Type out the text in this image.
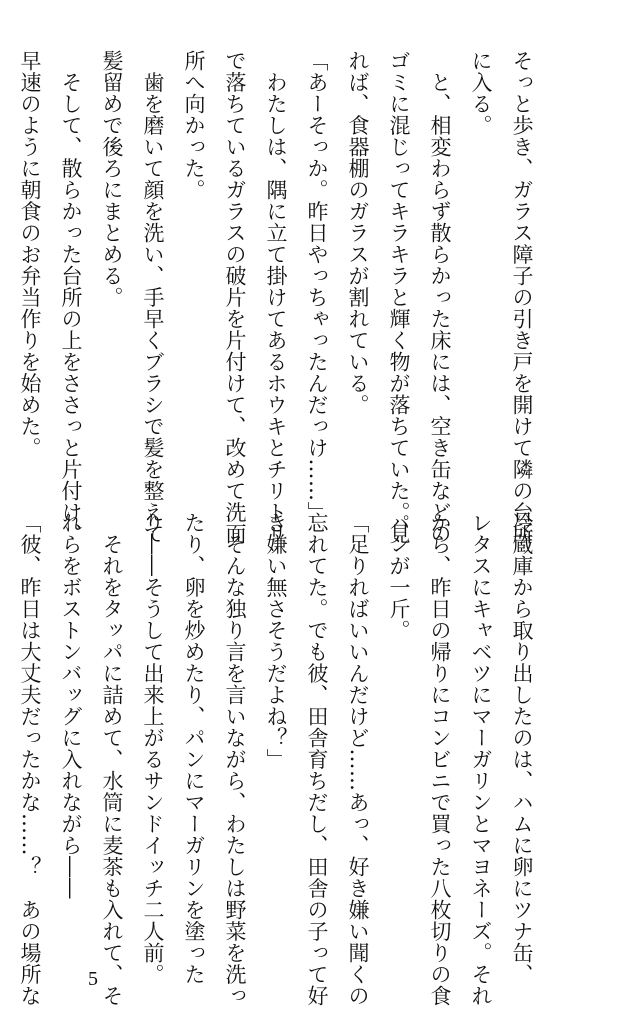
そっと歩き、ガラス障子の引き戸を開けて隣の台所
に入る。
　と、相変わらず散らかった床には、空き缶などの
ゴミに混じってキラキラと輝く物が落ちていた。見
れば、食器棚のガラスが割れている。
「あーそっか。昨日やっちゃったんだっけ……」
　わたしは、隅に立て掛けてあるホウキとチリトリ
で落ちているガラスの破片を片付けて、改めて洗面
所へ向かった。
　歯を磨いて顔を洗い、手早くブラシで髪を整えて
髪留めで後ろにまとめる。
　そして、散らかった台所の上をささっと片付け、
早速のように朝食のお弁当作りを始めた。
冷蔵庫から取り出したのは、ハムに卵にツナ缶、
レタスにキャベツにマーガリンとマヨネーズ。それ
から、昨日の帰りにコンビニで買った八枚切りの食
パンが一斤。
「足りればいいんだけど……あっ、好き嫌い聞くの
忘れてた。でも彼、田舎育ちだし、田舎の子って好
き嫌い無さそうだよね？」
　そんな独り言を言いながら、わたしは野菜を洗っ
たり、卵を炒めたり、パンにマーガリンを塗った
り――そうして出来上がるサンドイッチ二人前。
　それをタッパに詰めて、水筒に麦茶も入れて、そ
れらをボストンバッグに入れながら――
「彼、昨日は大丈夫だったかな……？　あの場所な	5
